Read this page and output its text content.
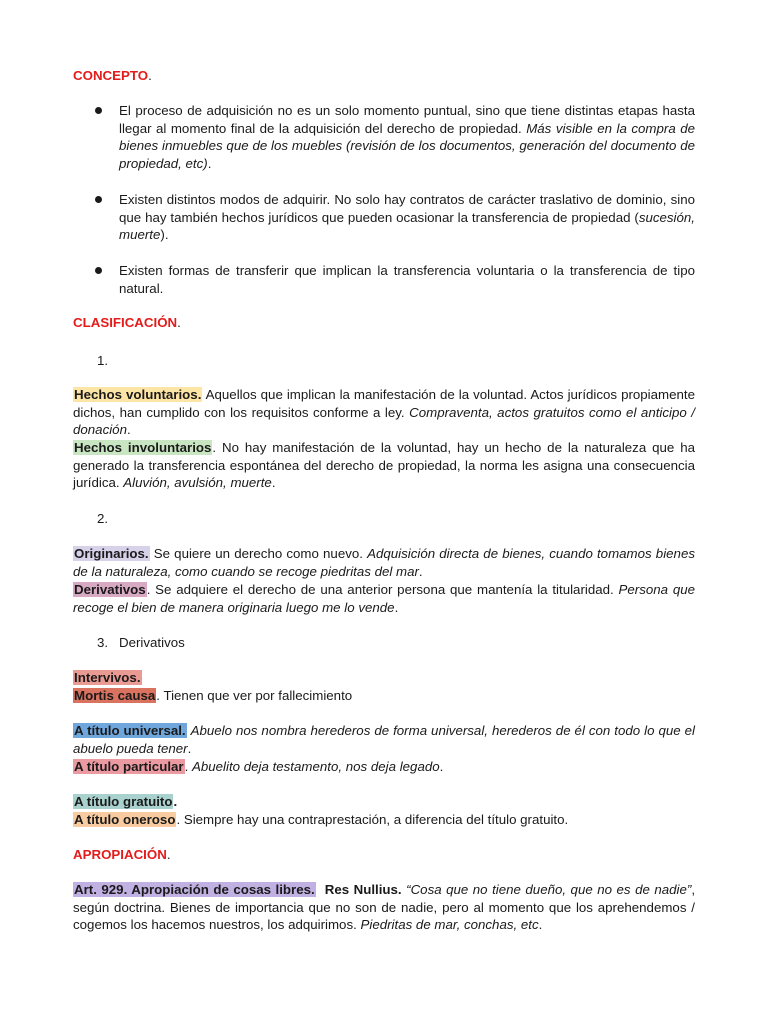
CONCEPTO.
El proceso de adquisición no es un solo momento puntual, sino que tiene distintas etapas hasta llegar al momento final de la adquisición del derecho de propiedad. Más visible en la compra de bienes inmuebles que de los muebles (revisión de los documentos, generación del documento de propiedad, etc).
Existen distintos modos de adquirir. No solo hay contratos de carácter traslativo de dominio, sino que hay también hechos jurídicos que pueden ocasionar la transferencia de propiedad (sucesión, muerte).
Existen formas de transferir que implican la transferencia voluntaria o la transferencia de tipo natural.
CLASIFICACIÓN.
1.
Hechos voluntarios. Aquellos que implican la manifestación de la voluntad. Actos jurídicos propiamente dichos, han cumplido con los requisitos conforme a ley. Compraventa, actos gratuitos como el anticipo / donación.
Hechos involuntarios. No hay manifestación de la voluntad, hay un hecho de la naturaleza que ha generado la transferencia espontánea del derecho de propiedad, la norma les asigna una consecuencia jurídica. Aluvión, avulsión, muerte.
2.
Originarios. Se quiere un derecho como nuevo. Adquisición directa de bienes, cuando tomamos bienes de la naturaleza, como cuando se recoge piedritas del mar.
Derivativos. Se adquiere el derecho de una anterior persona que mantenía la titularidad. Persona que recoge el bien de manera originaria luego me lo vende.
3. Derivativos
Intervivos.
Mortis causa. Tienen que ver por fallecimiento
A título universal. Abuelo nos nombra herederos de forma universal, herederos de él con todo lo que el abuelo pueda tener.
A título particular. Abuelito deja testamento, nos deja legado.
A título gratuito.
A título oneroso. Siempre hay una contraprestación, a diferencia del título gratuito.
APROPIACIÓN.
Art. 929. Apropiación de cosas libres. Res Nullius. “Cosa que no tiene dueño, que no es de nadie”, según doctrina. Bienes de importancia que no son de nadie, pero al momento que los aprehendemos / cogemos los hacemos nuestros, los adquirimos. Piedritas de mar, conchas, etc.
